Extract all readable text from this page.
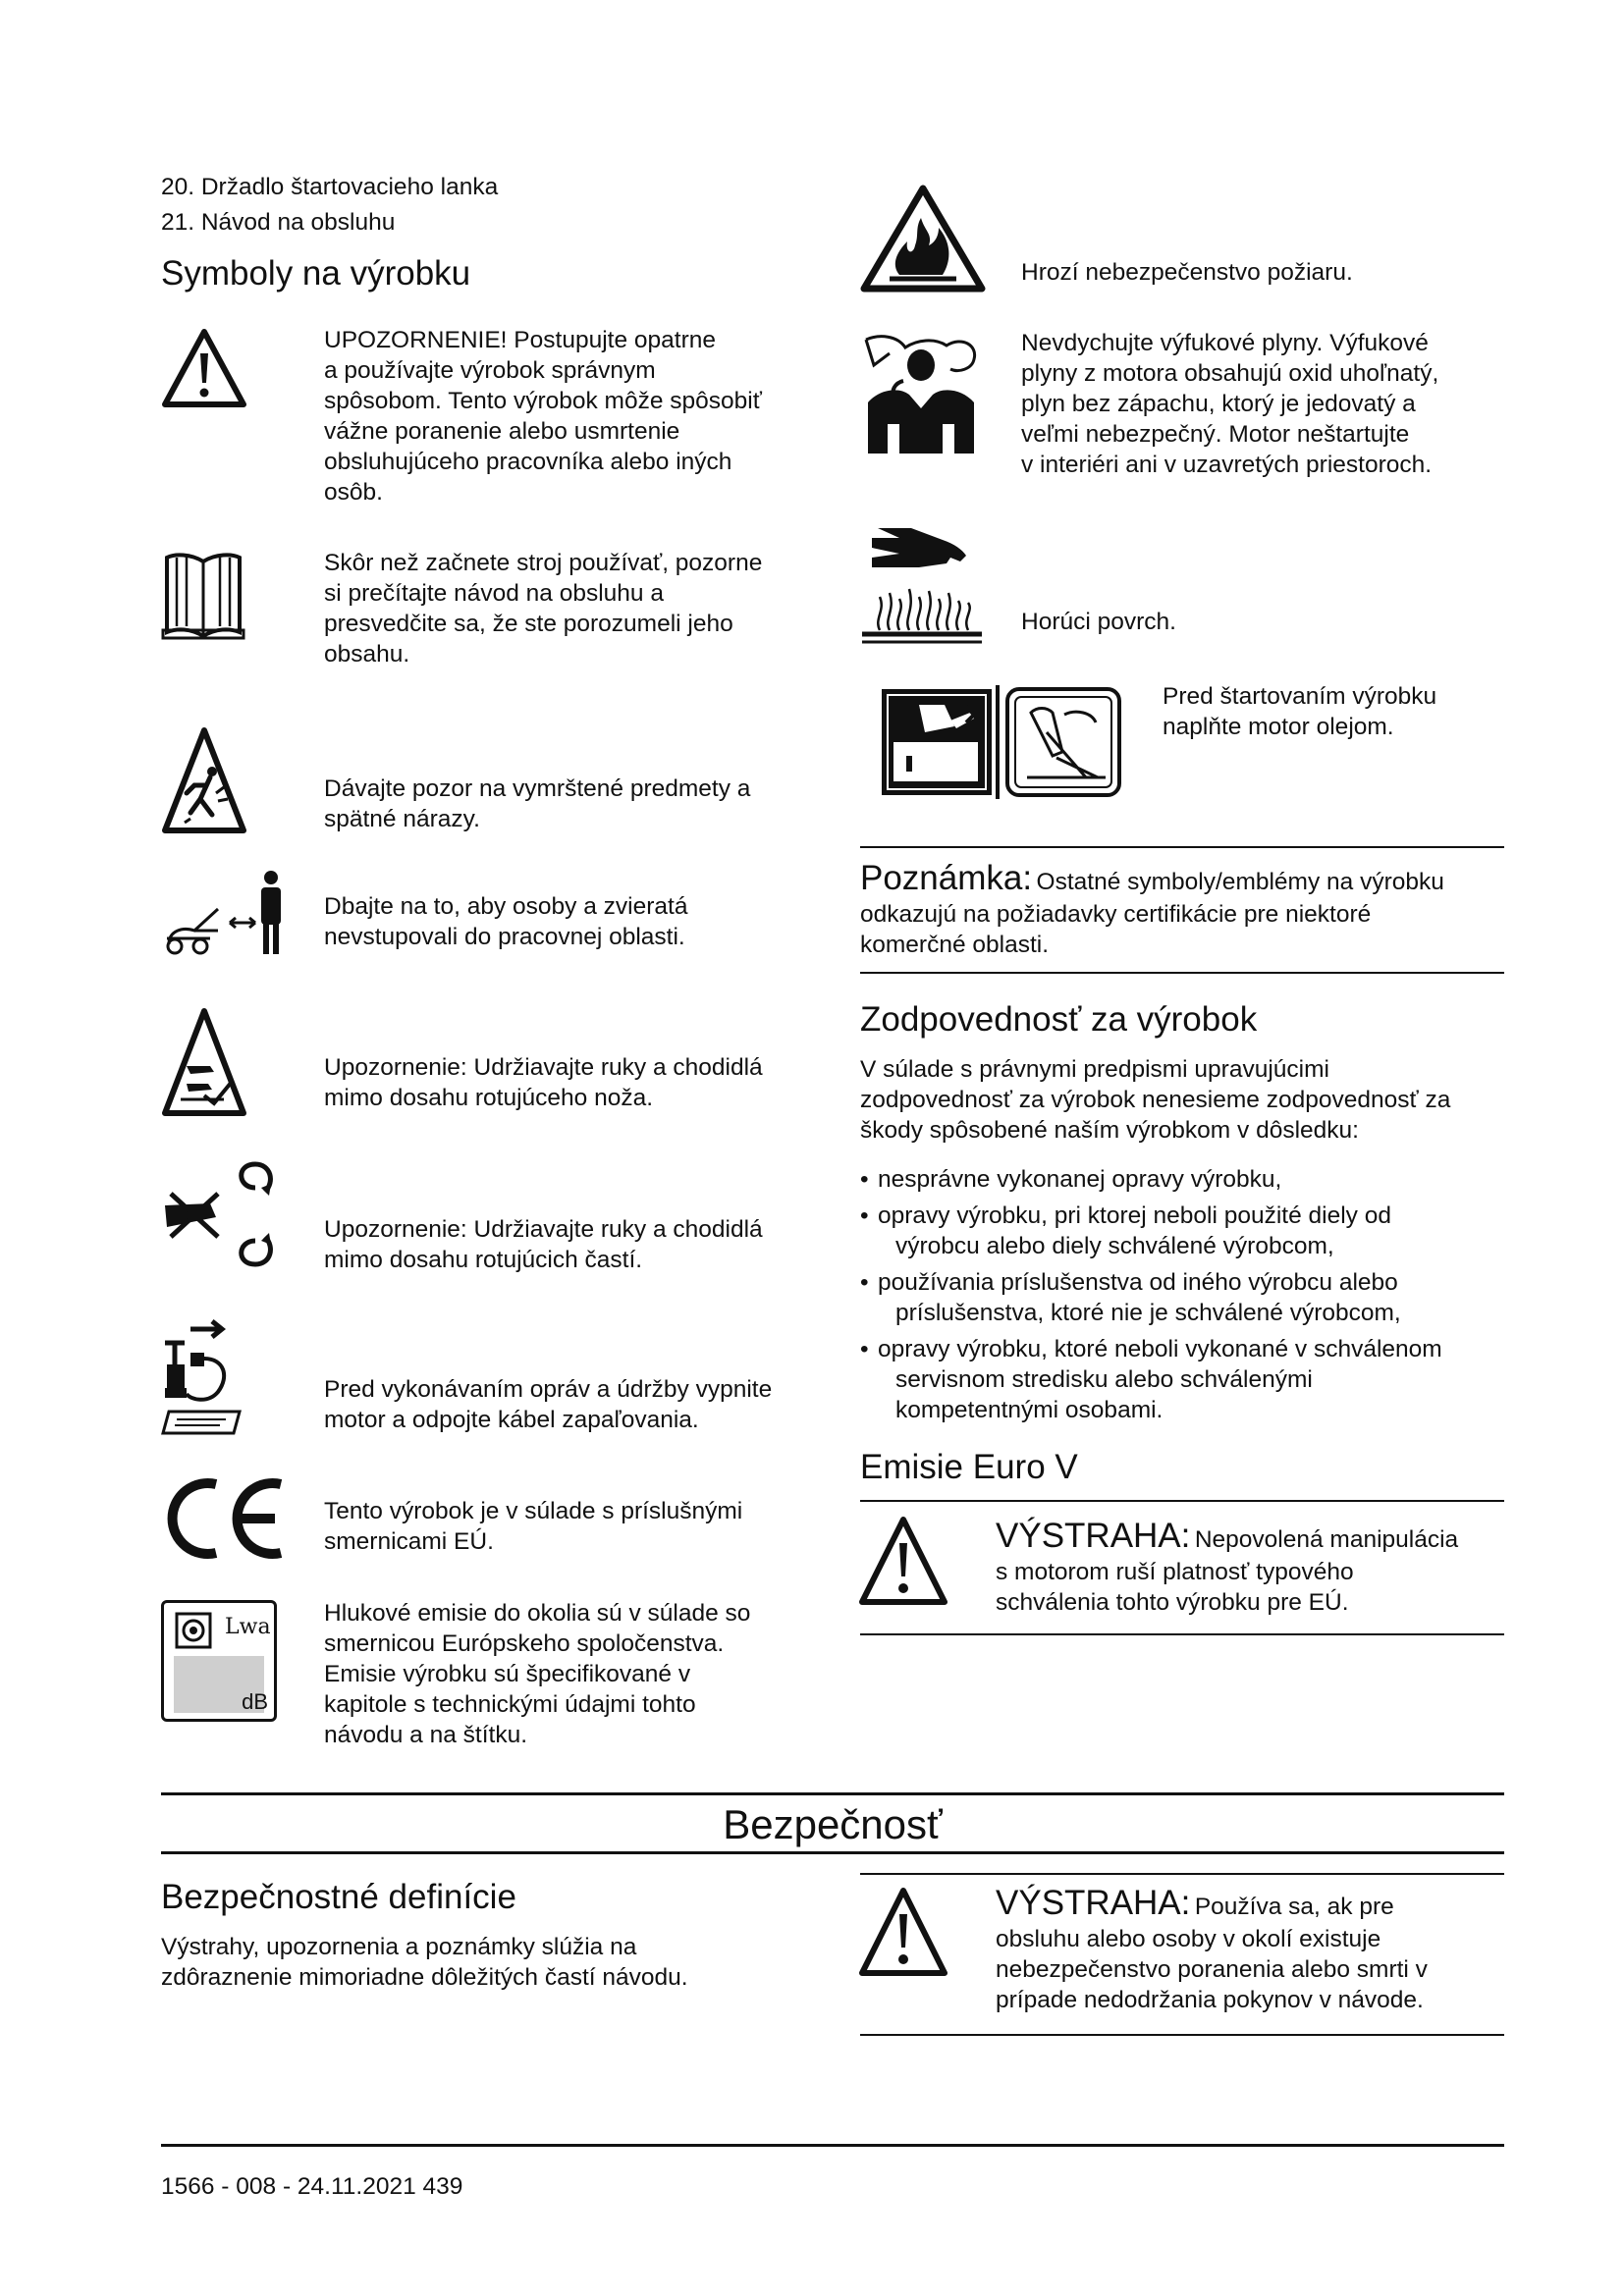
20. Držadlo štartovacieho lanka
21. Návod na obsluhu
Symboly na výrobku
UPOZORNENIE! Postupujte opatrne
a používajte výrobok správnym
spôsobom. Tento výrobok môže spôsobiť
vážne poranenie alebo usmrtenie
obsluhujúceho pracovníka alebo iných
osôb.
Skôr než začnete stroj používať, pozorne
si prečítajte návod na obsluhu a
presvedčite sa, že ste porozumeli jeho
obsahu.
Dávajte pozor na vymrštené predmety a
spätné nárazy.
Dbajte na to, aby osoby a zvieratá
nevstupovali do pracovnej oblasti.
Upozornenie: Udržiavajte ruky a chodidlá
mimo dosahu rotujúceho noža.
Upozornenie: Udržiavajte ruky a chodidlá
mimo dosahu rotujúcich častí.
Pred vykonávaním opráv a údržby vypnite
motor a odpojte kábel zapaľovania.
Tento výrobok je v súlade s príslušnými
smernicami EÚ.
Lwa
dB
Hlukové emisie do okolia sú v súlade so
smernicou Európskeho spoločenstva.
Emisie výrobku sú špecifikované v
kapitole s technickými údajmi tohto
návodu a na štítku.
Hrozí nebezpečenstvo požiaru.
Nevdychujte výfukové plyny. Výfukové
plyny z motora obsahujú oxid uhoľnatý,
plyn bez zápachu, ktorý je jedovatý a
veľmi nebezpečný. Motor neštartujte
v interiéri ani v uzavretých priestoroch.
Horúci povrch.
Pred štartovaním výrobku
naplňte motor olejom.
Poznámka: Ostatné symboly/emblémy na výrobku
odkazujú na požiadavky certifikácie pre niektoré
komerčné oblasti.
Zodpovednosť za výrobok
V súlade s právnymi predpismi upravujúcimi
zodpovednosť za výrobok nenesieme zodpovednosť za
škody spôsobené naším výrobkom v dôsledku:
• nesprávne vykonanej opravy výrobku,
• opravy výrobku, pri ktorej neboli použité diely od
výrobcu alebo diely schválené výrobcom,
• používania príslušenstva od iného výrobcu alebo
príslušenstva, ktoré nie je schválené výrobcom,
• opravy výrobku, ktoré neboli vykonané v schválenom
servisnom stredisku alebo schválenými
kompetentnými osobami.
Emisie Euro V
VÝSTRAHA: Nepovolená manipulácia
s motorom ruší platnosť typového
schválenia tohto výrobku pre EÚ.
Bezpečnosť
Bezpečnostné definície
Výstrahy, upozornenia a poznámky slúžia na
zdôraznenie mimoriadne dôležitých častí návodu.
VÝSTRAHA: Používa sa, ak pre
obsluhu alebo osoby v okolí existuje
nebezpečenstvo poranenia alebo smrti v
prípade nedodržania pokynov v návode.
1566 - 008 - 24.11.2021 439
